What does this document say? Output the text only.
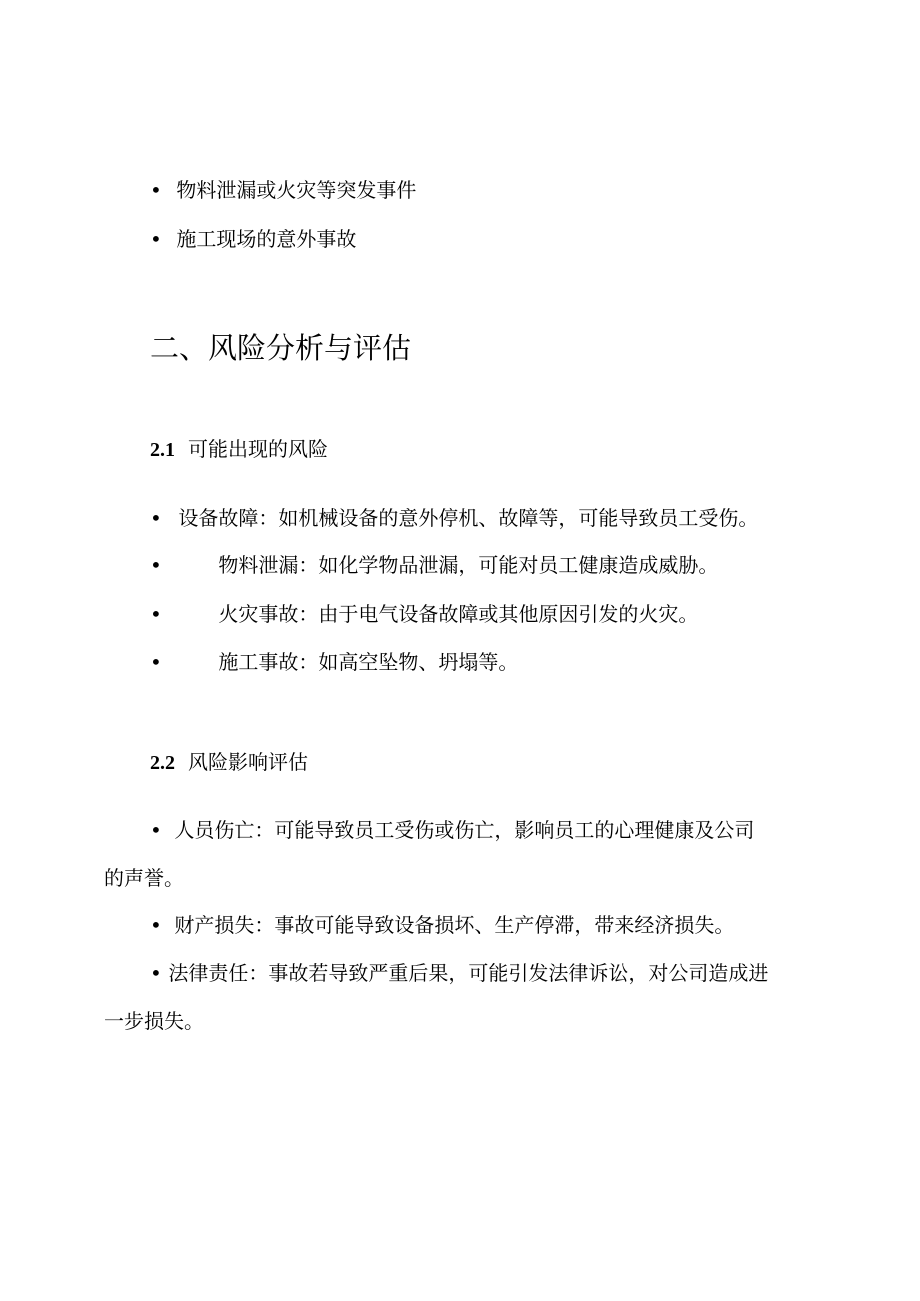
• 物料泄漏或火灾等突发事件
• 施工现场的意外事故
二、风险分析与评估
2.1 可能出现的风险
• 设备故障：如机械设备的意外停机、故障等，可能导致员工受伤。
•	物料泄漏：如化学物品泄漏，可能对员工健康造成威胁。
•	火灾事故：由于电气设备故障或其他原因引发的火灾。
•	施工事故：如高空坠物、坍塌等。
2.2 风险影响评估
• 人员伤亡：可能导致员工受伤或伤亡，影响员工的心理健康及公司
的声誉。
• 财产损失：事故可能导致设备损坏、生产停滞，带来经济损失。
• 法律责任：事故若导致严重后果，可能引发法律诉讼，对公司造成进
一步损失。
